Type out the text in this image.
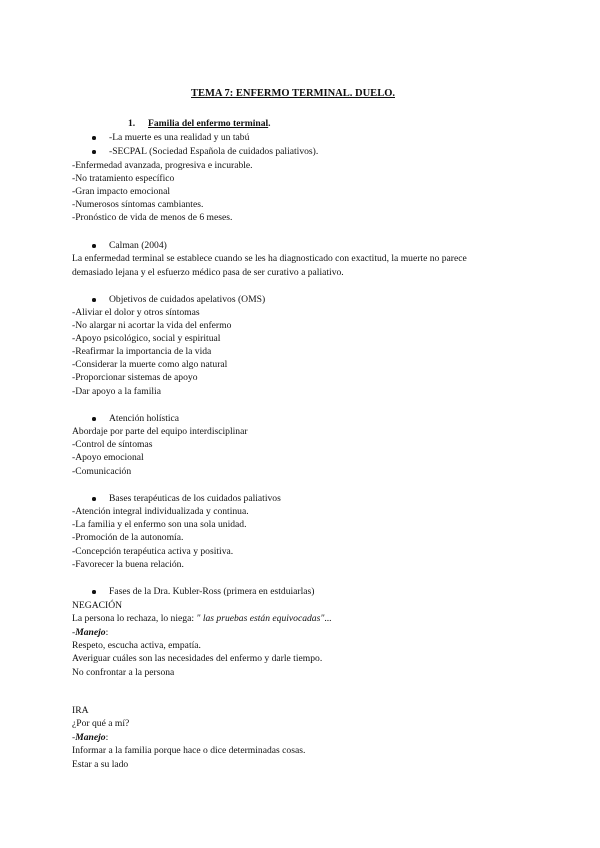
TEMA 7: ENFERMO TERMINAL. DUELO.
1. Familia del enfermo terminal.
-La muerte es una realidad y un tabú
-SECPAL (Sociedad Española de cuidados paliativos).
-Enfermedad avanzada, progresiva e incurable.
-No tratamiento específico
-Gran impacto emocional
-Numerosos síntomas cambiantes.
-Pronóstico de vida de menos de 6 meses.
Calman (2004)
La enfermedad terminal se establece cuando se les ha diagnosticado con exactitud, la muerte no parece
demasiado lejana y el esfuerzo médico pasa de ser curativo a paliativo.
Objetivos de cuidados apelativos (OMS)
-Aliviar el dolor y otros síntomas
-No alargar ni acortar la vida del enfermo
-Apoyo psicológico, social y espiritual
-Reafirmar la importancia de la vida
-Considerar la muerte como algo natural
-Proporcionar sistemas de apoyo
-Dar apoyo a la familia
Atención holística
Abordaje por parte del equipo interdisciplinar
-Control de síntomas
-Apoyo emocional
-Comunicación
Bases terapéuticas de los cuidados paliativos
-Atención integral individualizada y continua.
-La familia y el enfermo son una sola unidad.
-Promoción de la autonomía.
-Concepción terapéutica activa y positiva.
-Favorecer la buena relación.
Fases de la Dra. Kubler-Ross (primera en estduiarlas)
NEGACIÓN
La persona lo rechaza, lo niega: " las pruebas están equivocadas"...
-Manejo:
Respeto, escucha activa, empatía.
Averiguar cuáles son las necesidades del enfermo y darle tiempo.
No confrontar a la persona
IRA
¿Por qué a mí?
-Manejo:
Informar a la familia porque hace o dice determinadas cosas.
Estar a su lado
